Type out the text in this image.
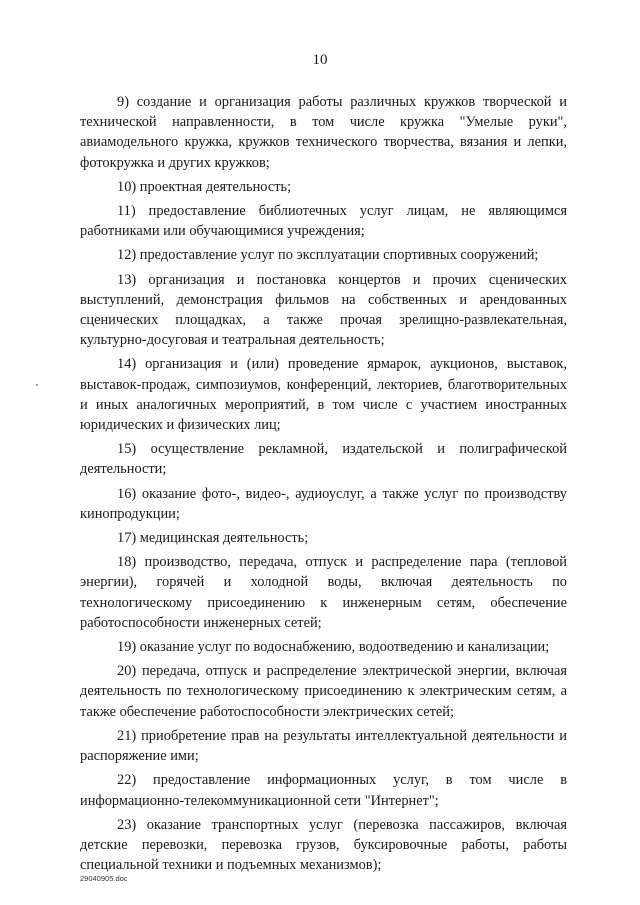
10

9) создание и организация работы различных кружков творческой и технической направленности, в том числе кружка "Умелые руки", авиамодельного кружка, кружков технического творчества, вязания и лепки, фотокружка и других кружков;

10) проектная деятельность;

11) предоставление библиотечных услуг лицам, не являющимся работниками или обучающимися учреждения;

12) предоставление услуг по эксплуатации спортивных сооружений;

13) организация и постановка концертов и прочих сценических выступлений, демонстрация фильмов на собственных и арендованных сценических площадках, а также прочая зрелищно-развлекательная, культурно-досуговая и театральная деятельность;

14) организация и (или) проведение ярмарок, аукционов, выставок, выставок-продаж, симпозиумов, конференций, лекториев, благотворительных и иных аналогичных мероприятий, в том числе с участием иностранных юридических и физических лиц;

15) осуществление рекламной, издательской и полиграфической деятельности;

16) оказание фото-, видео-, аудиоуслуг, а также услуг по производству кинопродукции;

17) медицинская деятельность;

18) производство, передача, отпуск и распределение пара (тепловой энергии), горячей и холодной воды, включая деятельность по технологическому присоединению к инженерным сетям, обеспечение работоспособности инженерных сетей;

19) оказание услуг по водоснабжению, водоотведению и канализации;

20) передача, отпуск и распределение электрической энергии, включая деятельность по технологическому присоединению к электрическим сетям, а также обеспечение работоспособности электрических сетей;

21) приобретение прав на результаты интеллектуальной деятельности и распоряжение ими;

22) предоставление информационных услуг, в том числе в информационно-телекоммуникационной сети "Интернет";

23) оказание транспортных услуг (перевозка пассажиров, включая детские перевозки, перевозка грузов, буксировочные работы, работы специальной техники и подъемных механизмов);

29040905.doc
